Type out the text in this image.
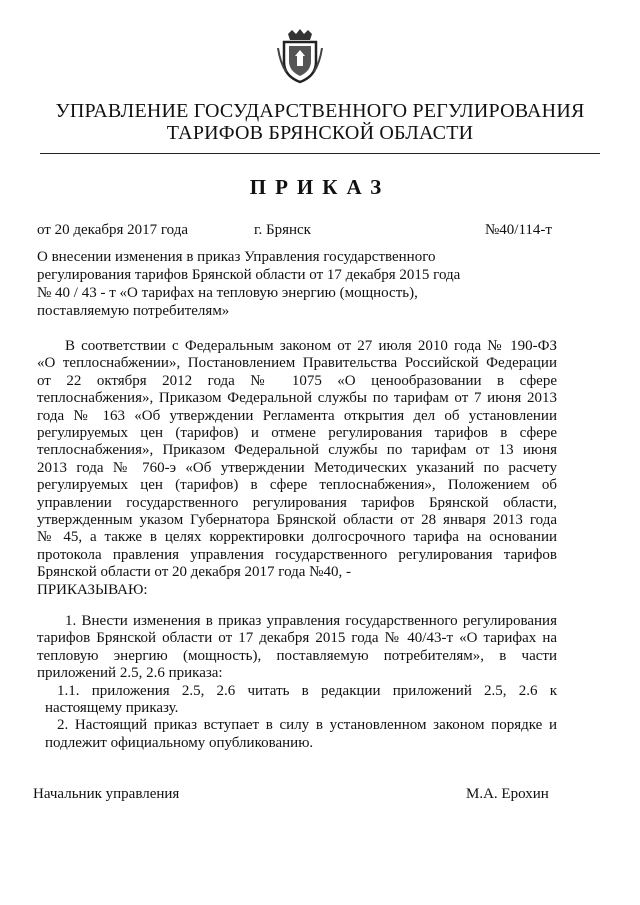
УПРАВЛЕНИЕ ГОСУДАРСТВЕННОГО РЕГУЛИРОВАНИЯ
ТАРИФОВ БРЯНСКОЙ ОБЛАСТИ
ПРИКАЗ
от 20 декабря 2017 года	г. Брянск	№40/114-т
О внесении изменения в приказ Управления государственного
регулирования тарифов Брянской области от 17 декабря 2015 года
№ 40 / 43 - т «О тарифах на тепловую энергию (мощность),
поставляемую потребителям»
В соответствии с Федеральным законом от 27 июля 2010 года № 190-ФЗ
«О теплоснабжении», Постановлением Правительства Российской Федерации
от 22 октября 2012 года № 1075 «О ценообразовании в сфере
теплоснабжения», Приказом Федеральной службы по тарифам от 7 июня 2013
года № 163 «Об утверждении Регламента открытия дел об установлении
регулируемых цен (тарифов) и отмене регулирования тарифов в сфере
теплоснабжения», Приказом Федеральной службы по тарифам от 13 июня
2013 года № 760-э «Об утверждении Методических указаний по расчету
регулируемых цен (тарифов) в сфере теплоснабжения», Положением об
управлении государственного регулирования тарифов Брянской области,
утвержденным указом Губернатора Брянской области от 28 января 2013 года
№ 45, а также в целях корректировки долгосрочного тарифа на основании
протокола правления управления государственного регулирования тарифов
Брянской области от 20 декабря 2017 года №40, -
ПРИКАЗЫВАЮ:
1. Внести изменения в приказ управления государственного регулирования
тарифов Брянской области от 17 декабря 2015 года № 40/43-т «О тарифах на
тепловую энергию (мощность), поставляемую потребителям», в части
приложений 2.5, 2.6 приказа:
1.1. приложения 2.5, 2.6 читать в редакции приложений 2.5, 2.6 к
настоящему приказу.
2. Настоящий приказ вступает в силу в установленном законом порядке и
подлежит официальному опубликованию.
Начальник управления	М.А. Ерохин
